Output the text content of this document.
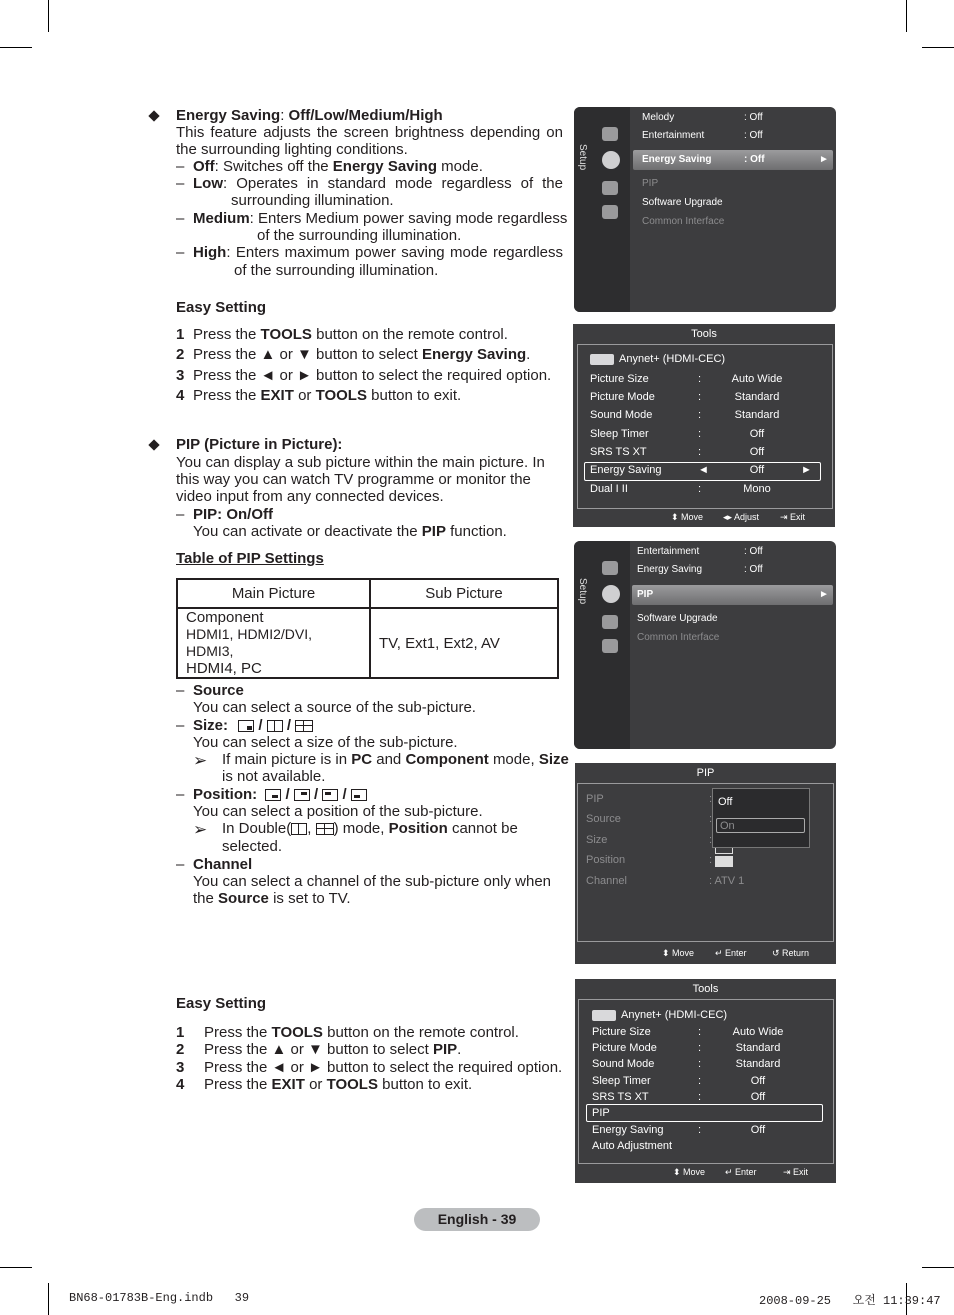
Energy Saving: Off/Low/Medium/High
This feature adjusts the screen brightness depending on
the surrounding lighting conditions.
– Off: Switches off the Energy Saving mode.
– Low: Operates in standard mode regardless of the
surrounding illumination.
– Medium: Enters Medium power saving mode regardless
of the surrounding illumination.
– High: Enters maximum power saving mode regardless
of the surrounding illumination.
Easy Setting
1 Press the TOOLS button on the remote control.
2 Press the ▲ or ▼ button to select Energy Saving.
3 Press the ◄ or ► button to select the required option.
4 Press the EXIT or TOOLS button to exit.
PIP (Picture in Picture):
You can display a sub picture within the main picture. In
this way you can watch TV programme or monitor the
video input from any connected devices.
– PIP: On/Off
You can activate or deactivate the PIP function.
Table of PIP Settings
Main Picture	Sub Picture

Component
HDMI1, HDMI2/DVI, HDMI3,
HDMI4, PC	TV, Ext1, Ext2, AV
– Source
You can select a source of the sub-picture.
– Size:
/
/
You can select a size of the sub-picture.
➢ If main picture is in PC and Component mode, Size
is not available.
– Position:
/
/
/
You can select a position of the sub-picture.
➢ In Double( ,
) mode, Position cannot be
selected.
– Channel
You can select a channel of the sub-picture only when
the Source is set to TV.
Easy Setting
1 Press the TOOLS button on the remote control.
2 Press the ▲ or ▼ button to select PIP.
3 Press the ◄ or ► button to select the required option.
4 Press the EXIT or TOOLS button to exit.
Setup
Melody	: Off
Entertainment	: Off
Energy Saving	: Off
PIP
Software Upgrade
Common Interface
►
Tools
Anynet+ (HDMI-CEC)
Picture Size	:	Auto Wide
Picture Mode	:	Standard
Sound Mode	:	Standard
Sleep Timer	:	Off
SRS TS XT	:	Off
Energy Saving	◄	Off	►
Dual I II	:	Mono
⬍ Move ◂▸ Adjust ⇥ Exit
Setup
Entertainment	: Off
Energy Saving	: Off
PIP
Software Upgrade
Common Interface
►
PIP
PIP	:
Source	:
Size	:
Position	:
Channel	: ATV 1
Off
On
⬍ Move ↵ Enter	↺ Return
Tools
Anynet+ (HDMI-CEC)
Picture Size	:	Auto Wide
Picture Mode	:	Standard
Sound Mode	:	Standard
Sleep Timer	:	Off
SRS TS XT	:	Off
PIP
Energy Saving	:	Off
Auto Adjustment
⬍ Move ↵ Enter	⇥ Exit
English - 39
BN68-01783B-Eng.indb   39	2008-09-25   오전 11:39:47
